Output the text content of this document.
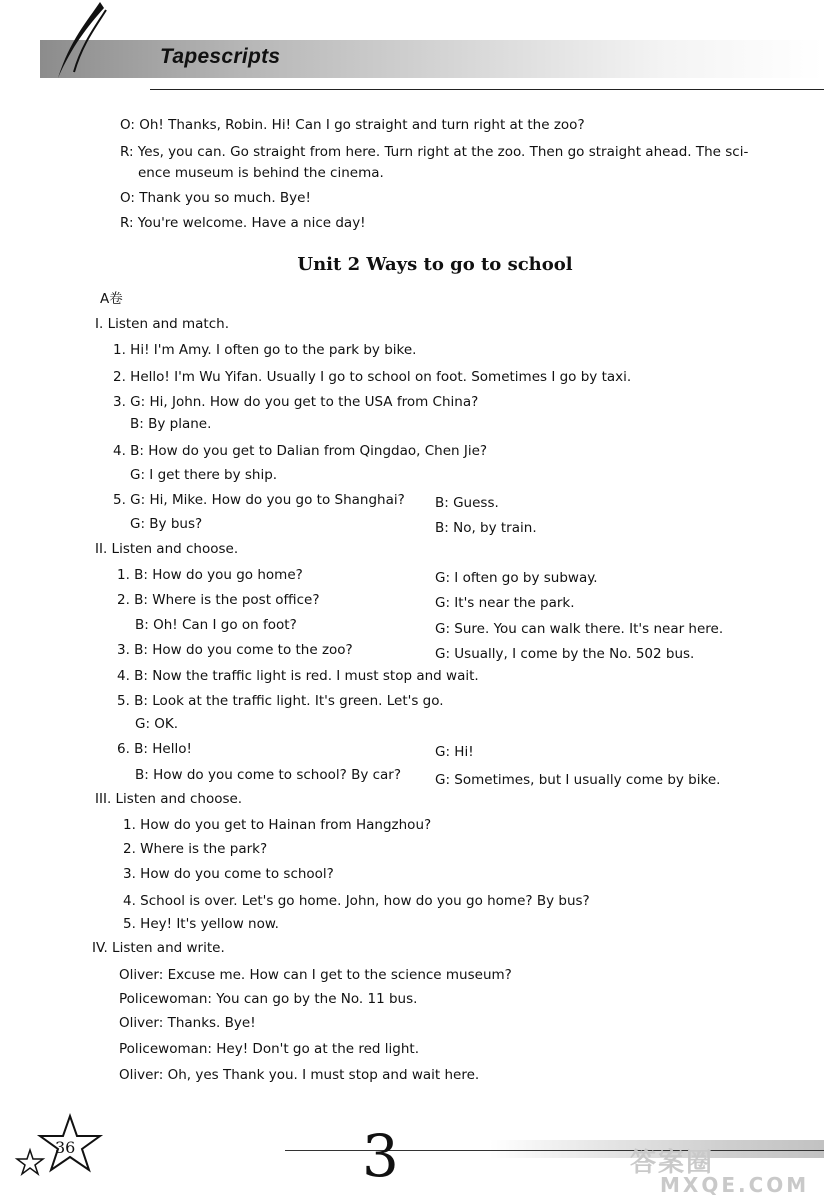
Tapescripts
O: Oh! Thanks, Robin. Hi! Can I go straight and turn right at the zoo?
R: Yes, you can. Go straight from here. Turn right at the zoo. Then go straight ahead. The sci-
ence museum is behind the cinema.
O: Thank you so much. Bye!
R: You're welcome. Have a nice day!
Unit 2 Ways to go to school
A卷
I. Listen and match.
1. Hi! I'm Amy. I often go to the park by bike.
2. Hello! I'm Wu Yifan. Usually I go to school on foot. Sometimes I go by taxi.
3. G: Hi, John. How do you get to the USA from China?
B: By plane.
4. B: How do you get to Dalian from Qingdao, Chen Jie?
G: I get there by ship.
5. G: Hi, Mike. How do you go to Shanghai? B: Guess.
G: By bus?	B: No, by train.
II. Listen and choose.
1. B: How do you go home?	G: I often go by subway.
2. B: Where is the post office?	G: It's near the park.
B: Oh! Can I go on foot?	G: Sure. You can walk there. It's near here.
3. B: How do you come to the zoo?	G: Usually, I come by the No. 502 bus.
4. B: Now the traffic light is red. I must stop and wait.
5. B: Look at the traffic light. It's green. Let's go.
G: OK.
6. B: Hello!	G: Hi!
B: How do you come to school? By car?	G: Sometimes, but I usually come by bike.
III. Listen and choose.
1. How do you get to Hainan from Hangzhou?
2. Where is the park?
3. How do you come to school?
4. School is over. Let's go home. John, how do you go home? By bus?
5. Hey! It's yellow now.
IV. Listen and write.
Oliver: Excuse me. How can I get to the science museum?
Policewoman: You can go by the No. 11 bus.
Oliver: Thanks. Bye!
Policewoman: Hey! Don't go at the red light.
Oliver: Oh, yes Thank you. I must stop and wait here.
36	3	答案圈
MXQE.COM
